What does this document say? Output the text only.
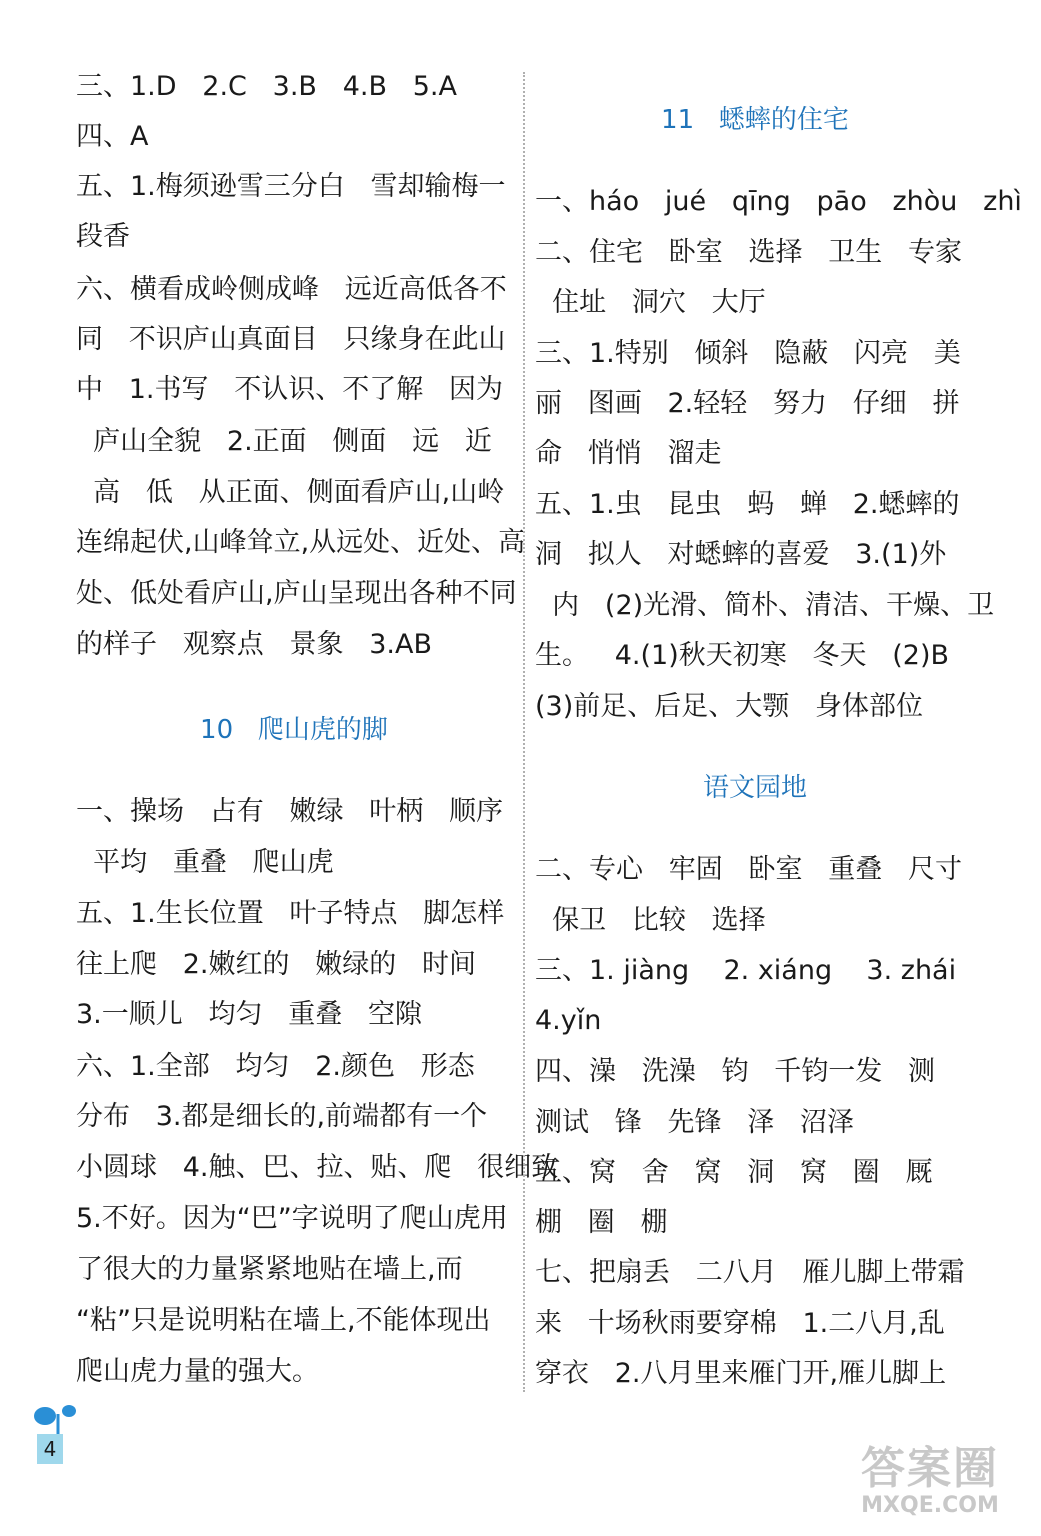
三、1.D   2.C   3.B   4.B   5.A
四、A
五、1.梅须逊雪三分白   雪却输梅一
段香
六、横看成岭侧成峰   远近高低各不
同   不识庐山真面目   只缘身在此山
中   1.书写   不认识、不了解   因为
庐山全貌   2.正面   侧面   远   近
高   低   从正面、侧面看庐山,山岭
连绵起伏,山峰耸立,从远处、近处、高
处、低处看庐山,庐山呈现出各种不同
的样子   观察点   景象   3.AB
10   爬山虎的脚
一、操场   占有   嫩绿   叶柄   顺序
平均   重叠   爬山虎
五、1.生长位置   叶子特点   脚怎样
往上爬   2.嫩红的   嫩绿的   时间
3.一顺儿   均匀   重叠   空隙
六、1.全部   均匀   2.颜色   形态
分布   3.都是细长的,前端都有一个
小圆球   4.触、巴、拉、贴、爬   很细致
5.不好。因为“巴”字说明了爬山虎用
了很大的力量紧紧地贴在墙上,而
“粘”只是说明粘在墙上,不能体现出
爬山虎力量的强大。
11   蟋蟀的住宅
一、háo   jué   qīng   pāo   zhòu   zhì
二、住宅   卧室   选择   卫生   专家
住址   洞穴   大厅
三、1.特别   倾斜   隐蔽   闪亮   美
丽   图画   2.轻轻   努力   仔细   拼
命   悄悄   溜走
五、1.虫   昆虫   蚂   蝉   2.蟋蟀的
洞   拟人   对蟋蟀的喜爱   3.(1)外
内   (2)光滑、简朴、清洁、干燥、卫
生。   4.(1)秋天初寒   冬天   (2)B
(3)前足、后足、大颚   身体部位
语文园地
二、专心   牢固   卧室   重叠   尺寸
保卫   比较   选择
三、1. jiàng    2. xiáng    3. zhái
4.yǐn
四、澡   洗澡   钧   千钧一发   测
测试   锋   先锋   泽   沼泽
五、窝   舍   窝   洞   窝   圈   厩
棚   圈   棚
七、把扇丢   二八月   雁儿脚上带霜
来   十场秋雨要穿棉   1.二八月,乱
穿衣   2.八月里来雁门开,雁儿脚上
4	答案圈
MXQE.COM
